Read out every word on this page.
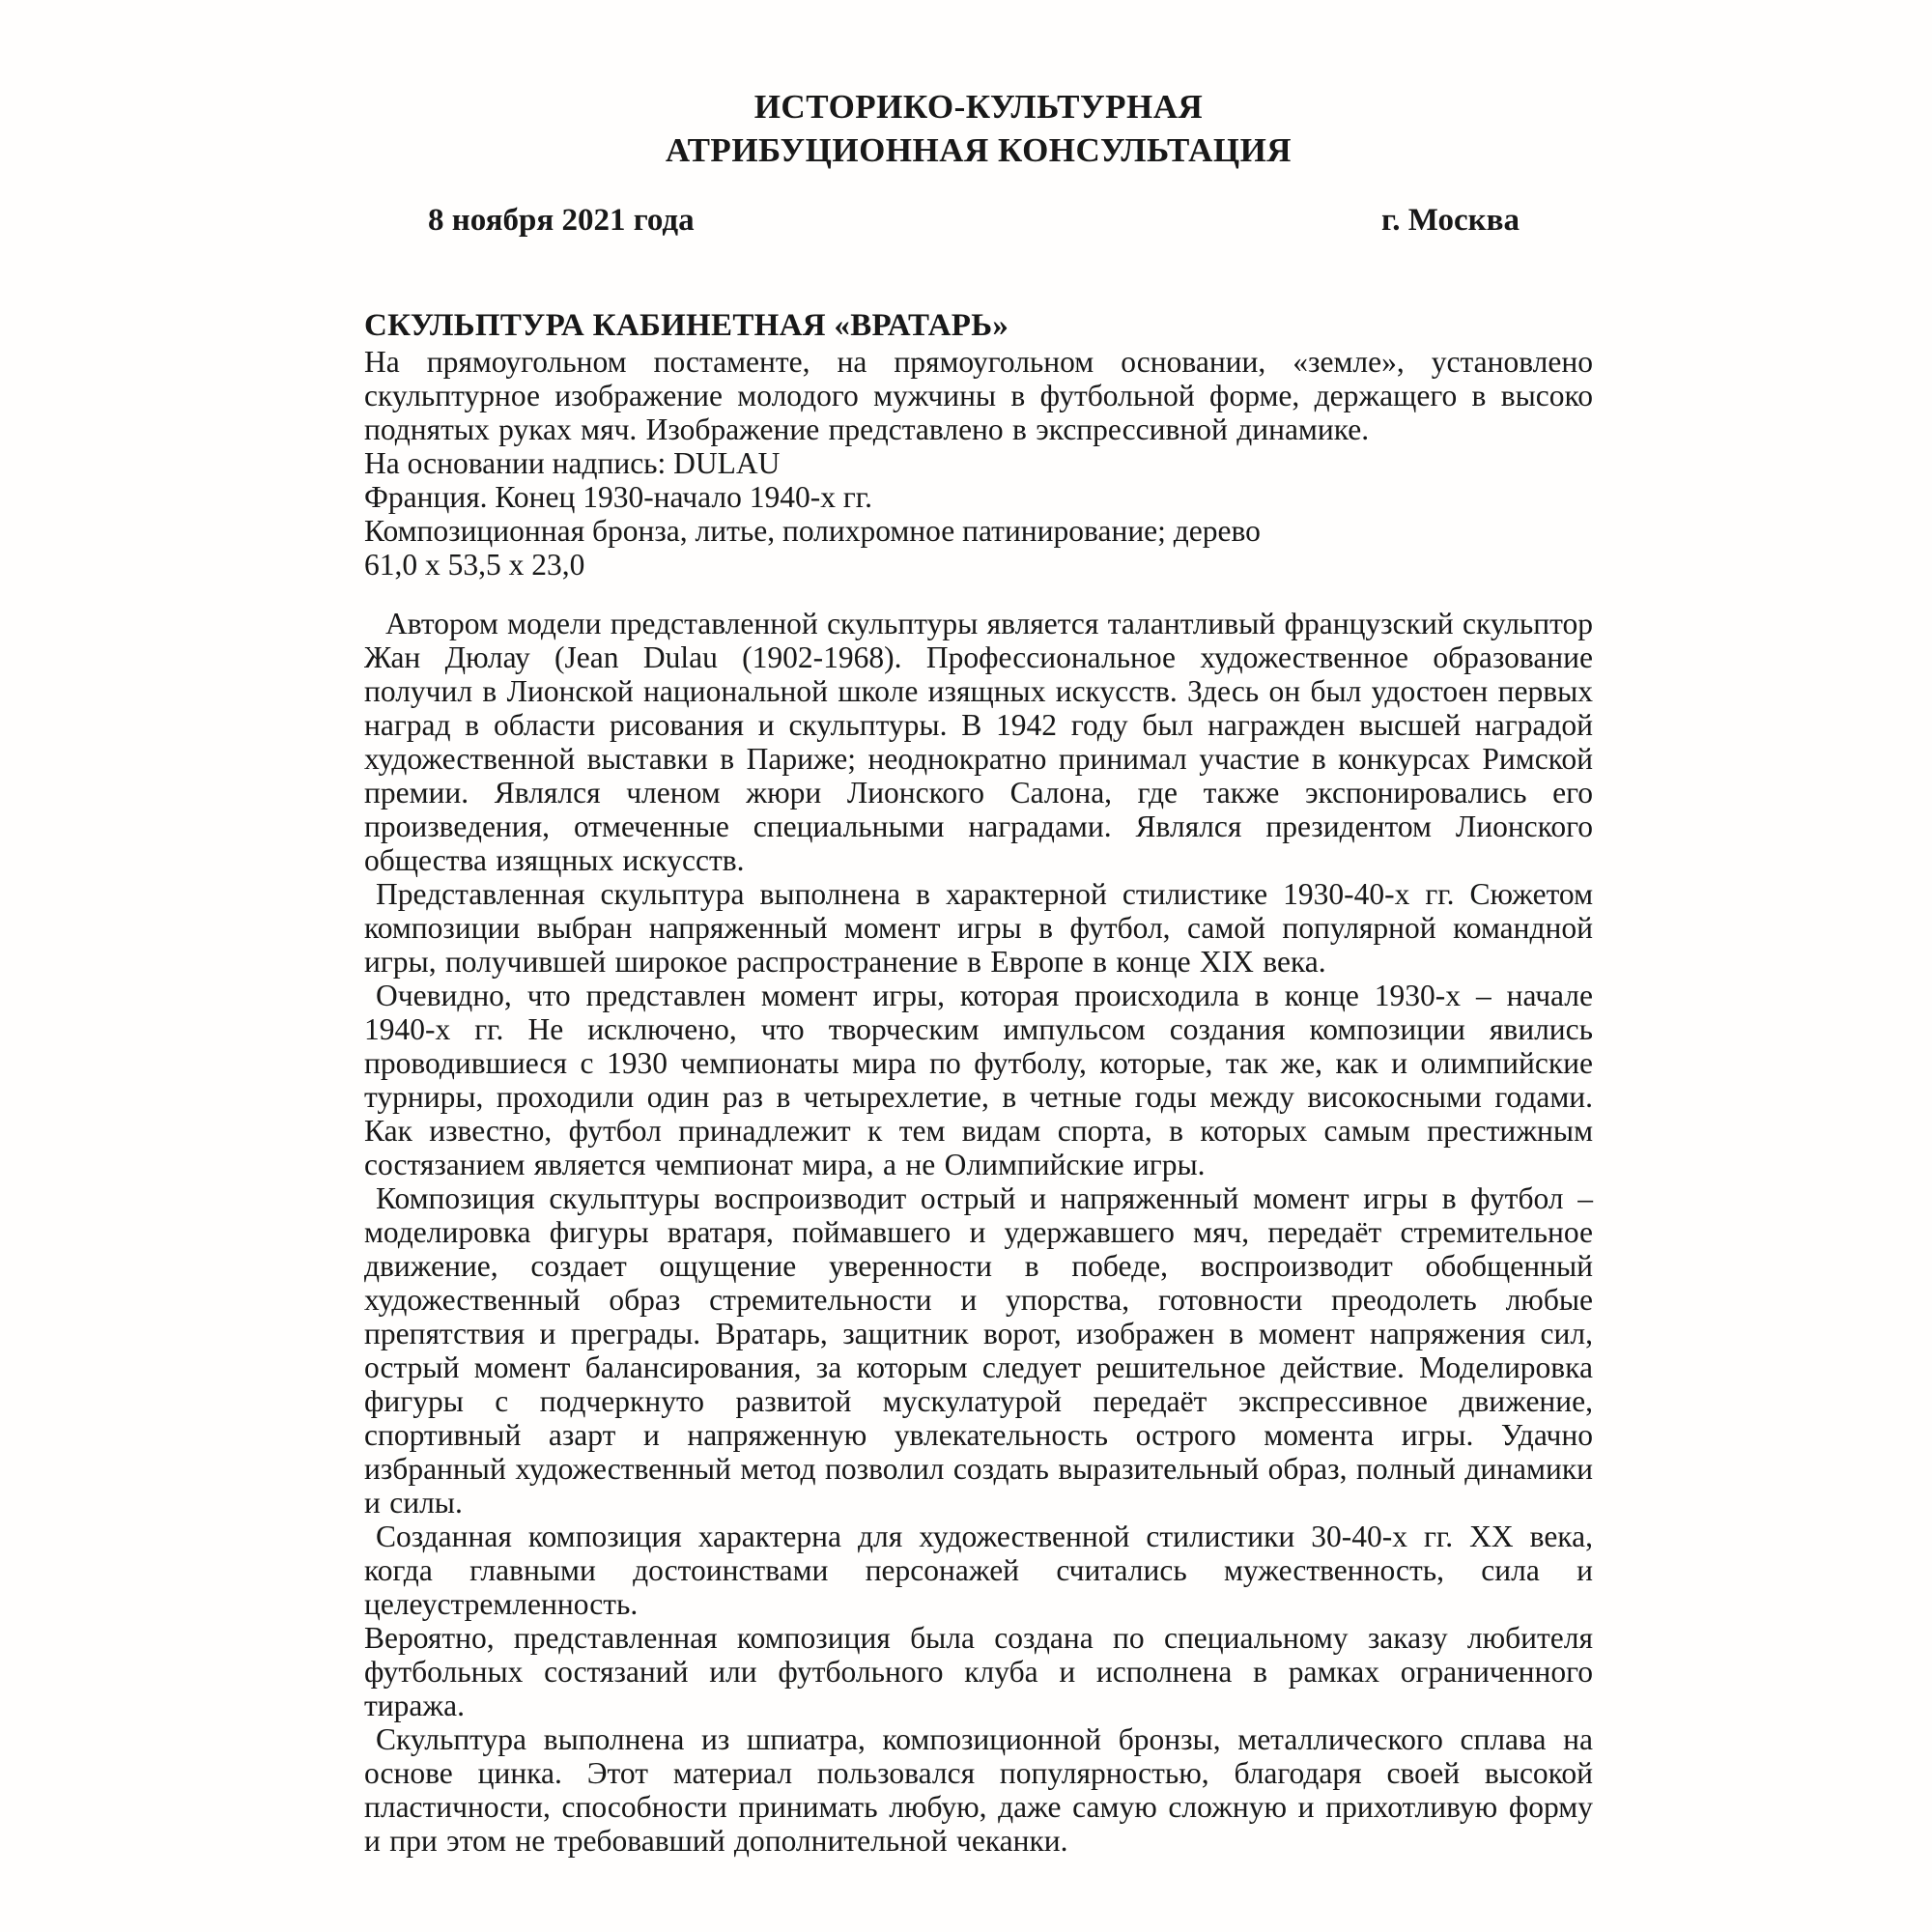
ИСТОРИКО-КУЛЬТУРНАЯ
АТРИБУЦИОННАЯ КОНСУЛЬТАЦИЯ
8 ноября 2021 года	г. Москва
СКУЛЬПТУРА КАБИНЕТНАЯ «ВРАТАРЬ»
На прямоугольном постаменте, на прямоугольном основании, «земле», установлено скульптурное изображение молодого мужчины в футбольной форме, держащего в высоко поднятых руках мяч. Изображение представлено в экспрессивной динамике.
На основании надпись: DULAU
Франция. Конец 1930-начало 1940-х гг.
Композиционная бронза, литье, полихромное патинирование; дерево
61,0 х 53,5 х 23,0
Автором модели представленной скульптуры является талантливый французский скульптор Жан Дюлау (Jean Dulau (1902-1968). Профессиональное художественное образование получил в Лионской национальной школе изящных искусств. Здесь он был удостоен первых наград в области рисования и скульптуры. В 1942 году был награжден высшей наградой художественной выставки в Париже; неоднократно принимал участие в конкурсах Римской премии. Являлся членом жюри Лионского Салона, где также экспонировались его произведения, отмеченные специальными наградами. Являлся президентом Лионского общества изящных искусств.
Представленная скульптура выполнена в характерной стилистике 1930-40-х гг. Сюжетом композиции выбран напряженный момент игры в футбол, самой популярной командной игры, получившей широкое распространение в Европе в конце XIX века.
Очевидно, что представлен момент игры, которая происходила в конце 1930-х – начале 1940-х гг. Не исключено, что творческим импульсом создания композиции явились проводившиеся с 1930 чемпионаты мира по футболу, которые, так же, как и олимпийские турниры, проходили один раз в четырехлетие, в четные годы между високосными годами. Как известно, футбол принадлежит к тем видам спорта, в которых самым престижным состязанием является чемпионат мира, а не Олимпийские игры.
Композиция скульптуры воспроизводит острый и напряженный момент игры в футбол – моделировка фигуры вратаря, поймавшего и удержавшего мяч, передаёт стремительное движение, создает ощущение уверенности в победе, воспроизводит обобщенный художественный образ стремительности и упорства, готовности преодолеть любые препятствия и преграды. Вратарь, защитник ворот, изображен в момент напряжения сил, острый момент балансирования, за которым следует решительное действие. Моделировка фигуры с подчеркнуто развитой мускулатурой передаёт экспрессивное движение, спортивный азарт и напряженную увлекательность острого момента игры. Удачно избранный художественный метод позволил создать выразительный образ, полный динамики и силы.
Созданная композиция характерна для художественной стилистики 30-40-х гг. XX века, когда главными достоинствами персонажей считались мужественность, сила и целеустремленность.
Вероятно, представленная композиция была создана по специальному заказу любителя футбольных состязаний или футбольного клуба и исполнена в рамках ограниченного тиража.
Скульптура выполнена из шпиатра, композиционной бронзы, металлического сплава на основе цинка. Этот материал пользовался популярностью, благодаря своей высокой пластичности, способности принимать любую, даже самую сложную и прихотливую форму и при этом не требовавший дополнительной чеканки.
